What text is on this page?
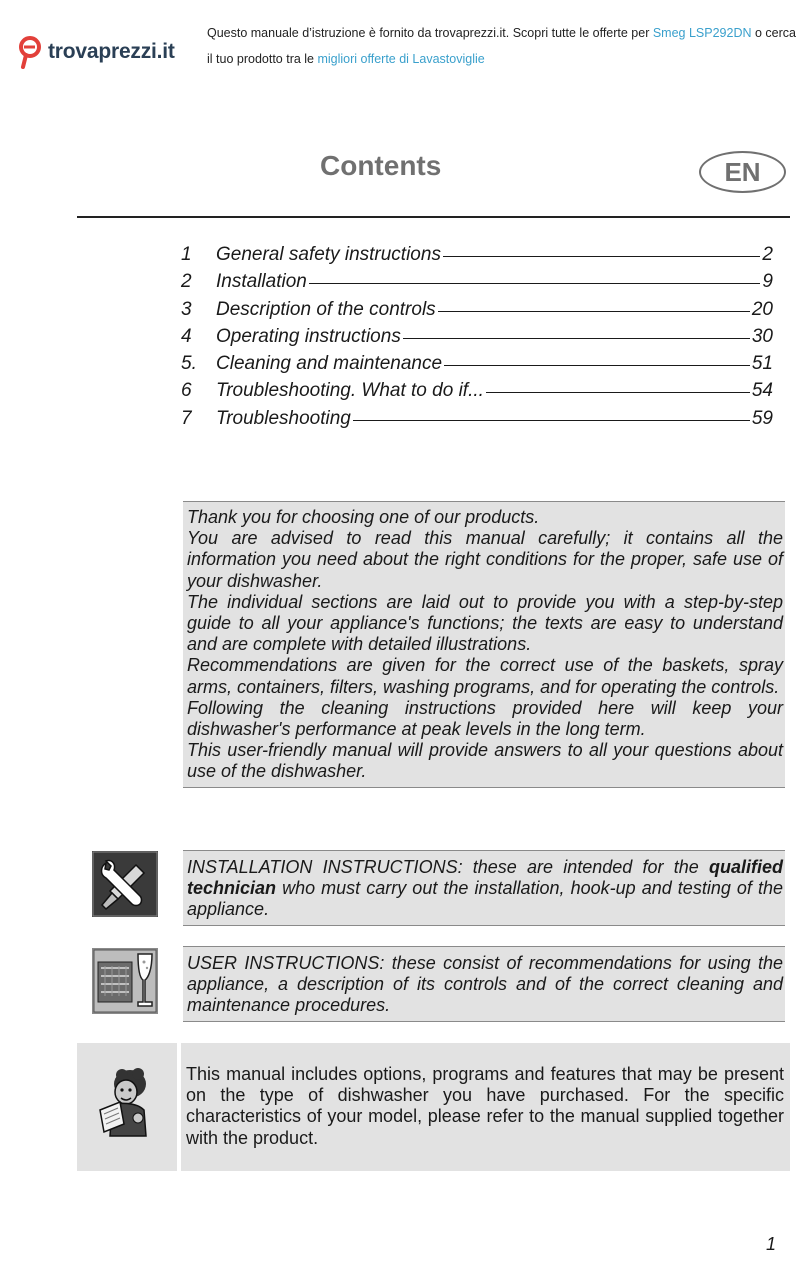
trovaprezzi.it
Questo manuale d’istruzione è fornito da trovaprezzi.it. Scopri tutte le offerte per Smeg LSP292DN o cerca il tuo prodotto tra le migliori offerte di Lavastoviglie
Contents	EN
1	General safety instructions	2
2	Installation	9
3	Description of the controls	20
4	Operating instructions	30
5.	Cleaning and maintenance	51
6	Troubleshooting. What to do if...	54
7	Troubleshooting	59

Thank you for choosing one of our products.

You are advised to read this manual carefully; it contains all the information you need about the right conditions for the proper, safe use of your dishwasher.

The individual sections are laid out to provide you with a step-by-step guide to all your appliance's functions; the texts are easy to understand and are complete with detailed illustrations.

Recommendations are given for the correct use of the baskets, spray arms, containers, filters, washing programs, and for operating the controls.

Following the cleaning instructions provided here will keep your dishwasher's performance at peak levels in the long term.

This user-friendly manual will provide answers to all your questions about use of the dishwasher.

INSTALLATION INSTRUCTIONS: these are intended for the qualified technician who must carry out the installation, hook-up and testing of the appliance.
USER INSTRUCTIONS: these consist of recommendations for using the appliance, a description of its controls and of the correct cleaning and maintenance procedures.
This manual includes options, programs and features that may be present on the type of dishwasher you have purchased. For the specific characteristics of your model, please refer to the manual supplied together with the product.
1
